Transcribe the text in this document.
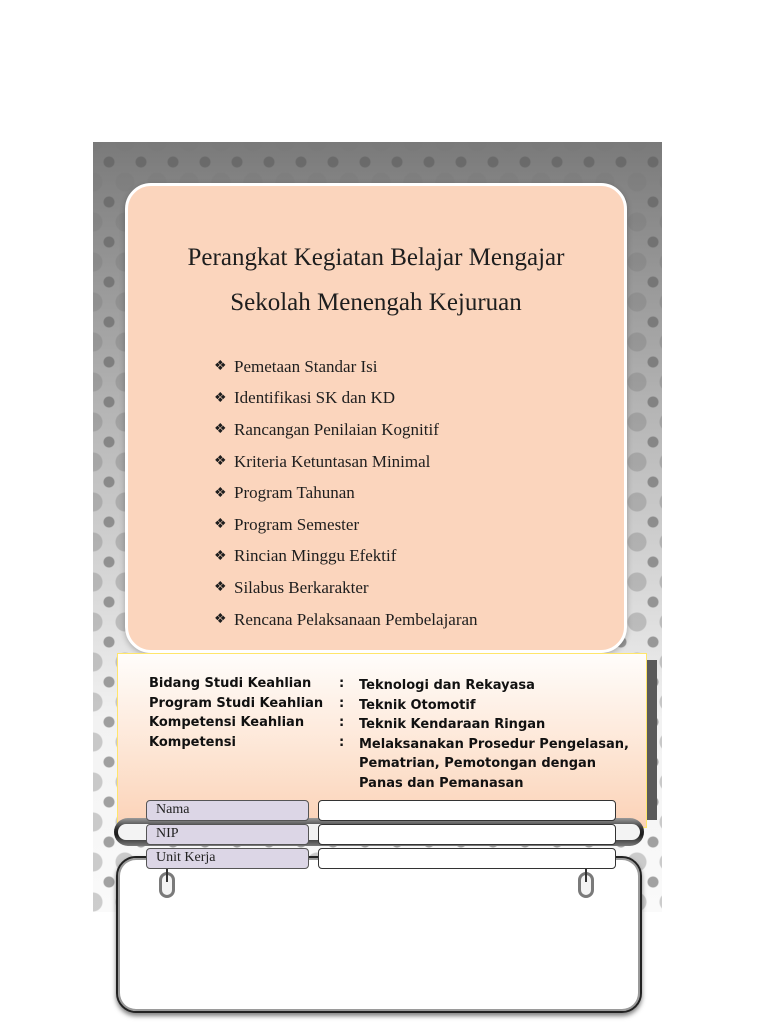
Perangkat Kegiatan Belajar Mengajar
Sekolah Menengah Kejuruan
❖ Pemetaan Standar Isi
❖ Identifikasi SK dan KD
❖ Rancangan Penilaian Kognitif
❖ Kriteria Ketuntasan Minimal
❖ Program Tahunan
❖ Program Semester
❖ Rincian Minggu Efektif
❖ Silabus Berkarakter
❖ Rencana Pelaksanaan Pembelajaran
Bidang Studi Keahlian	:	Teknologi dan Rekayasa
Program Studi Keahlian	:	Teknik Otomotif
Kompetensi Keahlian	:	Teknik Kendaraan Ringan
Kompetensi	:	Melaksanakan Prosedur Pengelasan, Pematrian, Pemotongan dengan Panas dan Pemanasan
Nama
NIP
Unit Kerja
